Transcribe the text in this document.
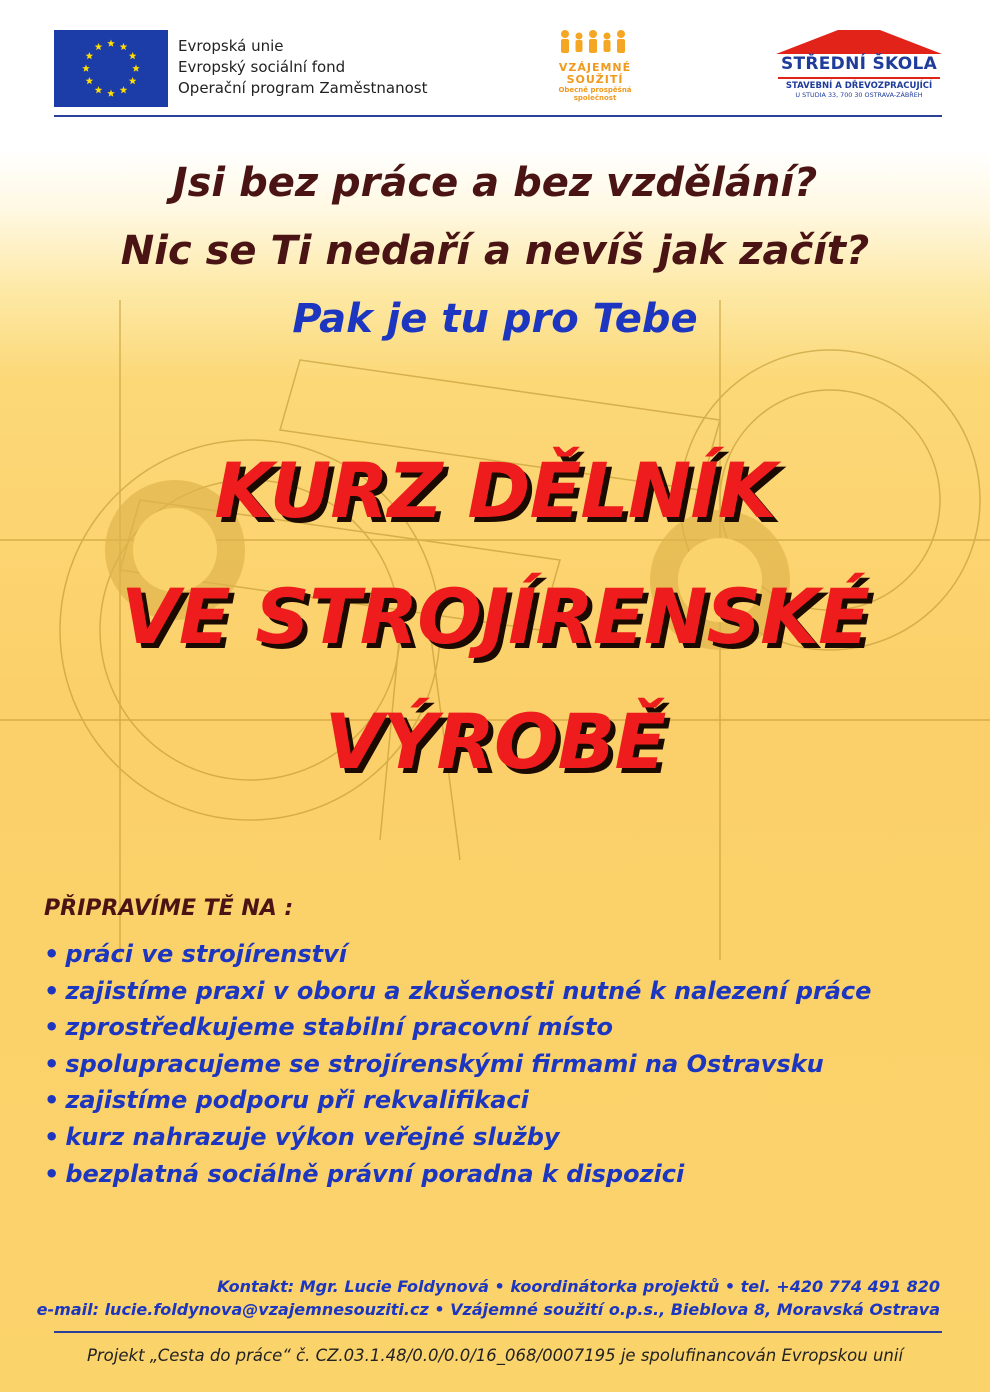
Evropská unie
Evropský sociální fond
Operační program Zaměstnanost
VZÁJEMNÉ
SOUŽITÍ
Obecně prospěšná
společnost
STŘEDNÍ ŠKOLA
STAVEBNÍ A DŘEVOZPRACUJÍCÍ
U STUDIA 33, 700 30 OSTRAVA-ZÁBŘEH
Jsi bez práce a bez vzdělání?
Nic se Ti nedaří a nevíš jak začít?
Pak je tu pro Tebe
KURZ DĚLNÍK
VE STROJÍRENSKÉ
VÝROBĚ
PŘIPRAVÍME TĚ NA :
• práci ve strojírenství
• zajistíme praxi v oboru a zkušenosti nutné k nalezení práce
• zprostředkujeme stabilní pracovní místo
• spolupracujeme se strojírenskými firmami na Ostravsku
• zajistíme podporu při rekvalifikaci
• kurz nahrazuje výkon veřejné služby
• bezplatná sociálně právní poradna k dispozici
Kontakt: Mgr. Lucie Foldynová • koordinátorka projektů • tel. +420 774 491 820
e-mail: lucie.foldynova@vzajemnesouziti.cz • Vzájemné soužití o.p.s., Bieblova 8, Moravská Ostrava
Projekt „Cesta do práce“ č. CZ.03.1.48/0.0/0.0/16_068/0007195 je spolufinancován Evropskou unií
